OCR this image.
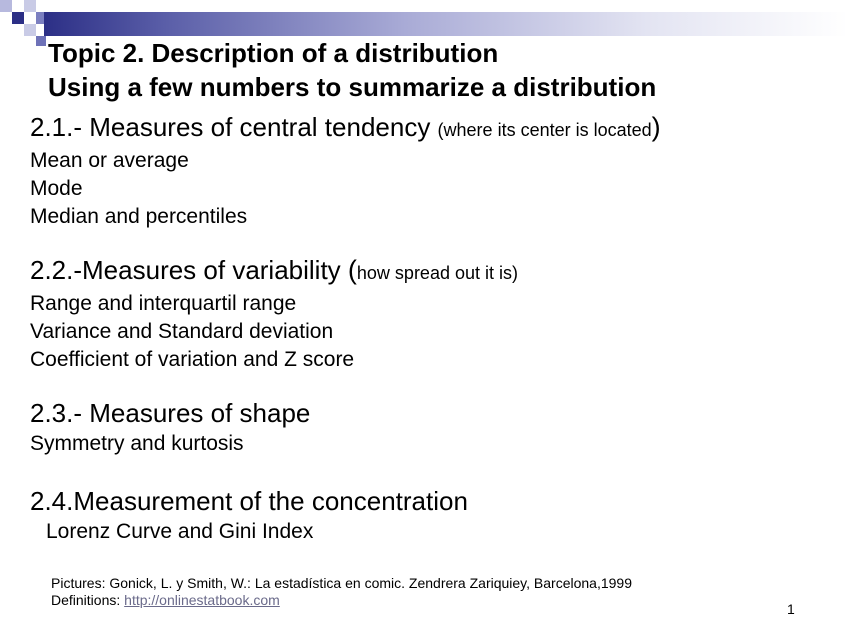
Topic 2. Description of a distribution
Using a few numbers to summarize a distribution
2.1.- Measures of central tendency (where its center is located)
Mean or average
Mode
Median and percentiles
2.2.-Measures of variability (how spread out it is)
Range and interquartil range
Variance and Standard deviation
Coefficient of variation and Z score
2.3.- Measures of shape
Symmetry and kurtosis
2.4.Measurement of the concentration
Lorenz Curve and Gini Index
Pictures: Gonick, L. y Smith, W.: La estadística en comic. Zendrera Zariquiey, Barcelona,1999
Definitions: http://onlinestatbook.com
1
